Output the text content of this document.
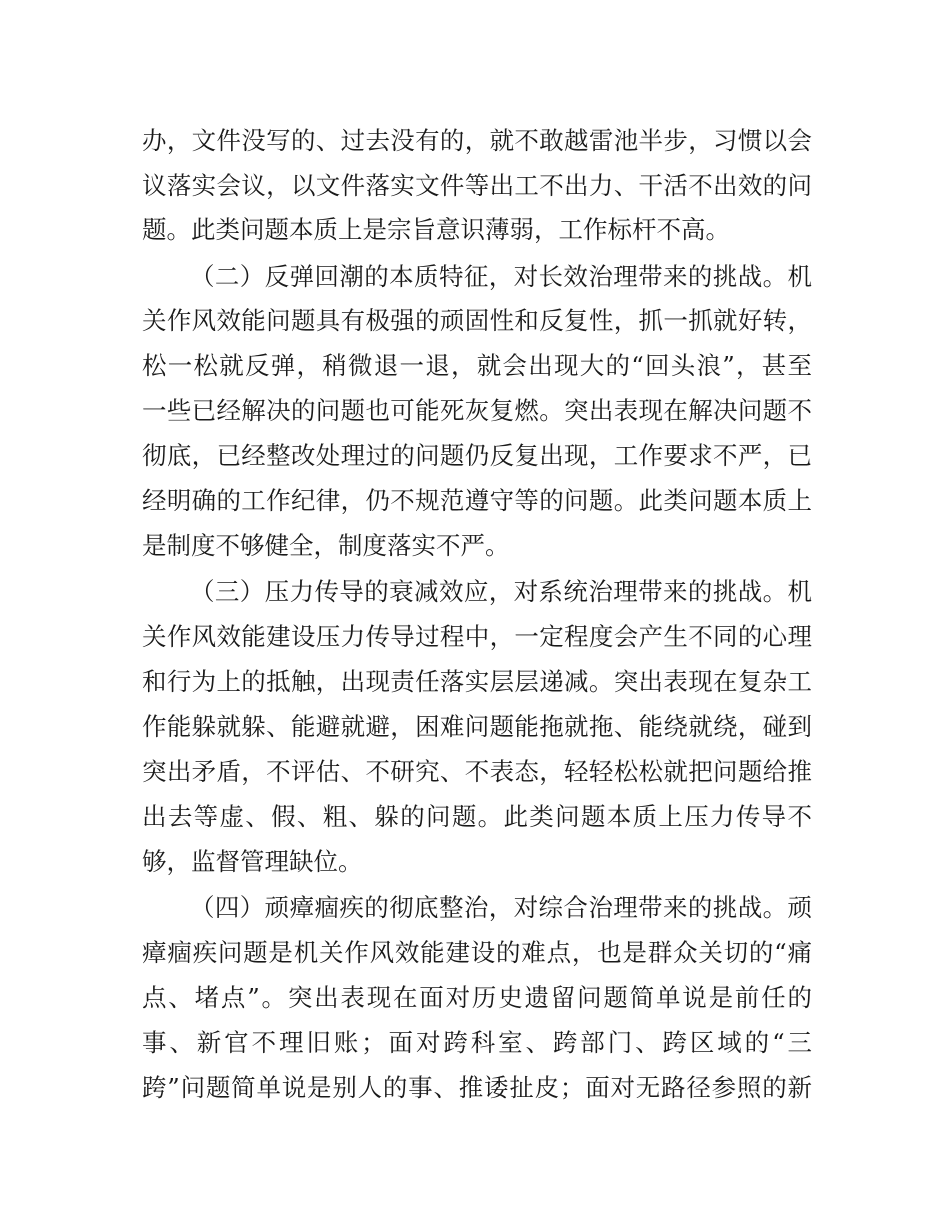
办，文件没写的、过去没有的，就不敢越雷池半步，习惯以会
议落实会议，以文件落实文件等出工不出力、干活不出效的问
题。此类问题本质上是宗旨意识薄弱，工作标杆不高。
（二）反弹回潮的本质特征，对长效治理带来的挑战。机
关作风效能问题具有极强的顽固性和反复性，抓一抓就好转，
松一松就反弹，稍微退一退，就会出现大的“回头浪”，甚至
一些已经解决的问题也可能死灰复燃。突出表现在解决问题不
彻底，已经整改处理过的问题仍反复出现，工作要求不严，已
经明确的工作纪律，仍不规范遵守等的问题。此类问题本质上
是制度不够健全，制度落实不严。
（三）压力传导的衰减效应，对系统治理带来的挑战。机
关作风效能建设压力传导过程中，一定程度会产生不同的心理
和行为上的抵触，出现责任落实层层递减。突出表现在复杂工
作能躲就躲、能避就避，困难问题能拖就拖、能绕就绕，碰到
突出矛盾，不评估、不研究、不表态，轻轻松松就把问题给推
出去等虚、假、粗、躲的问题。此类问题本质上压力传导不
够，监督管理缺位。
（四）顽瘴痼疾的彻底整治，对综合治理带来的挑战。顽
瘴痼疾问题是机关作风效能建设的难点，也是群众关切的“痛
点、堵点”。突出表现在面对历史遗留问题简单说是前任的
事、新官不理旧账；面对跨科室、跨部门、跨区域的“三
跨”问题简单说是别人的事、推诿扯皮；面对无路径参照的新
